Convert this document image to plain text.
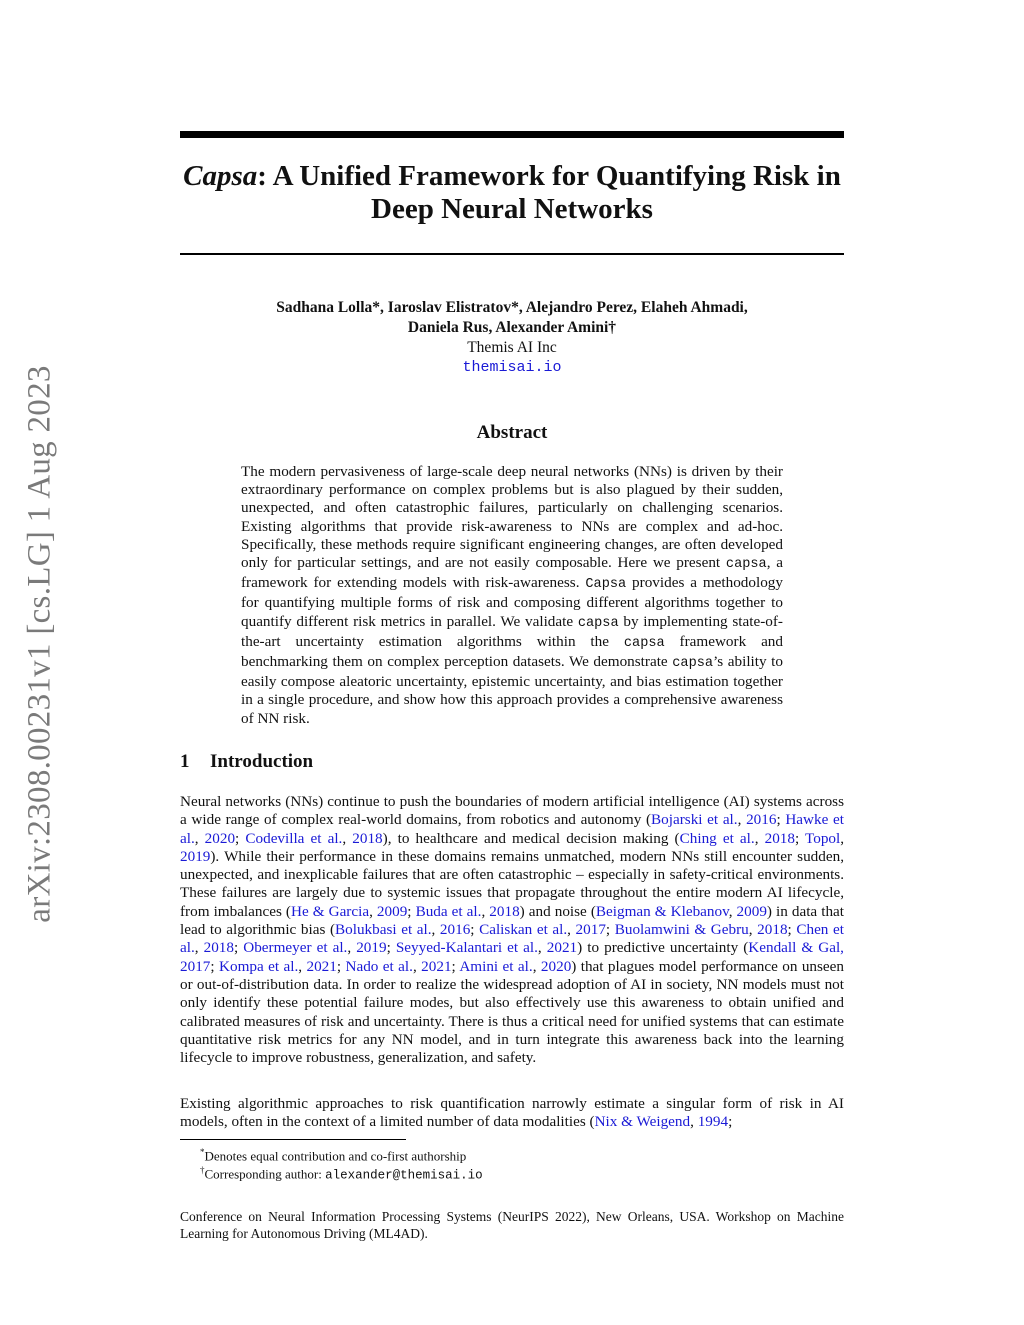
arXiv:2308.00231v1 [cs.LG] 1 Aug 2023
Capsa: A Unified Framework for Quantifying Risk in Deep Neural Networks
Sadhana Lolla*, Iaroslav Elistratov*, Alejandro Perez, Elaheh Ahmadi,
Daniela Rus, Alexander Amini†
Themis AI Inc
themisai.io
Abstract

The modern pervasiveness of large-scale deep neural networks (NNs) is driven by their extraordinary performance on complex problems but is also plagued by their sudden, unexpected, and often catastrophic failures, particularly on challenging scenarios. Existing algorithms that provide risk-awareness to NNs are complex and ad-hoc. Specifically, these methods require significant engineering changes, are often developed only for particular settings, and are not easily composable. Here we present capsa, a framework for extending models with risk-awareness. Capsa provides a methodology for quantifying multiple forms of risk and composing different algorithms together to quantify different risk metrics in parallel. We validate capsa by implementing state-of-the-art uncertainty estimation algorithms within the capsa framework and benchmarking them on complex perception datasets. We demonstrate capsa’s ability to easily compose aleatoric uncertainty, epistemic uncertainty, and bias estimation together in a single procedure, and show how this approach provides a comprehensive awareness of NN risk.

1 Introduction

Neural networks (NNs) continue to push the boundaries of modern artificial intelligence (AI) systems across a wide range of complex real-world domains, from robotics and autonomy (Bojarski et al., 2016; Hawke et al., 2020; Codevilla et al., 2018), to healthcare and medical decision making (Ching et al., 2018; Topol, 2019). While their performance in these domains remains unmatched, modern NNs still encounter sudden, unexpected, and inexplicable failures that are often catastrophic – especially in safety-critical environments. These failures are largely due to systemic issues that propagate throughout the entire modern AI lifecycle, from imbalances (He & Garcia, 2009; Buda et al., 2018) and noise (Beigman & Klebanov, 2009) in data that lead to algorithmic bias (Bolukbasi et al., 2016; Caliskan et al., 2017; Buolamwini & Gebru, 2018; Chen et al., 2018; Obermeyer et al., 2019; Seyyed-Kalantari et al., 2021) to predictive uncertainty (Kendall & Gal, 2017; Kompa et al., 2021; Nado et al., 2021; Amini et al., 2020) that plagues model performance on unseen or out-of-distribution data. In order to realize the widespread adoption of AI in society, NN models must not only identify these potential failure modes, but also effectively use this awareness to obtain unified and calibrated measures of risk and uncertainty. There is thus a critical need for unified systems that can estimate quantitative risk metrics for any NN model, and in turn integrate this awareness back into the learning lifecycle to improve robustness, generalization, and safety.

Existing algorithmic approaches to risk quantification narrowly estimate a singular form of risk in AI models, often in the context of a limited number of data modalities (Nix & Weigend, 1994;

*Denotes equal contribution and co-first authorship

†Corresponding author: alexander@themisai.io

Conference on Neural Information Processing Systems (NeurIPS 2022), New Orleans, USA. Workshop on Machine Learning for Autonomous Driving (ML4AD).
